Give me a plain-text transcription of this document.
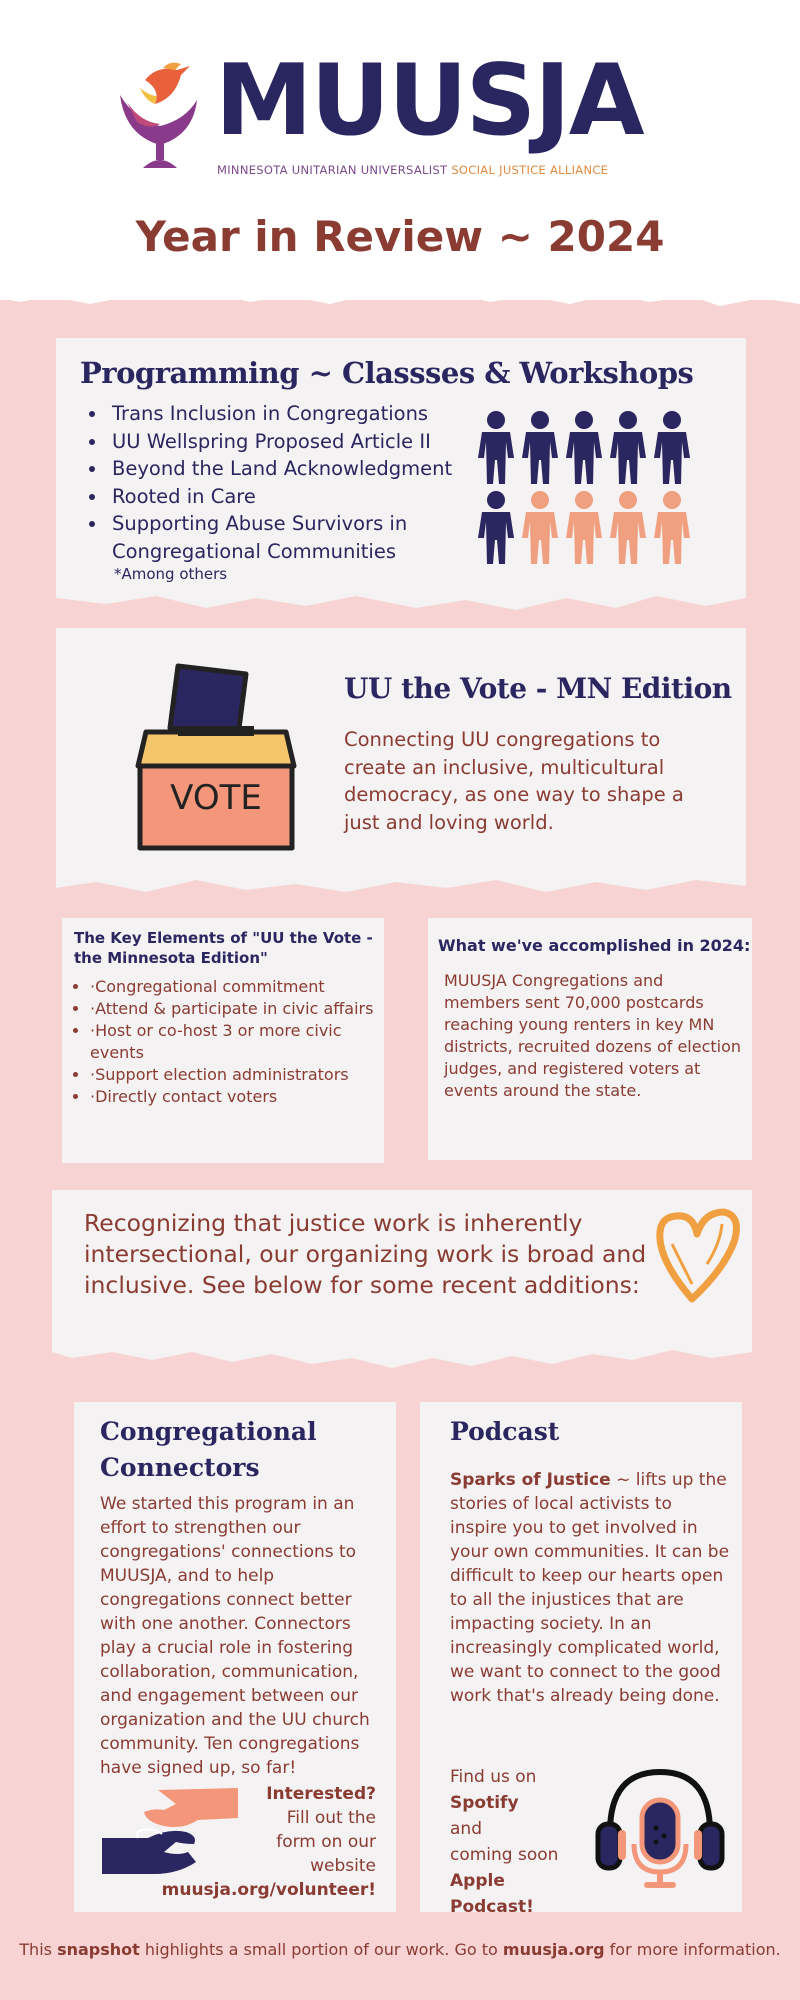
MUUSJA
MINNESOTA UNITARIAN UNIVERSALIST SOCIAL JUSTICE ALLIANCE
Year in Review ~ 2024
Programming ~ Classses & Workshops
• Trans Inclusion in Congregations
• UU Wellspring Proposed Article II
• Beyond the Land Acknowledgment
• Rooted in Care
• Supporting Abuse Survivors in Congregational Communities
*Among others
VOTE
UU the Vote - MN Edition

Connecting UU congregations to create an inclusive, multicultural democracy, as one way to shape a just and loving world.

The Key Elements of "UU the Vote - the Minnesota Edition"
• ·Congregational commitment
• ·Attend & participate in civic affairs
• ·Host or co-host 3 or more civic events
• ·Support election administrators
• ·Directly contact voters
What we've accomplished in 2024:

MUUSJA Congregations and members sent 70,000 postcards reaching young renters in key MN districts, recruited dozens of election judges, and registered voters at events around the state.

Recognizing that justice work is inherently intersectional, our organizing work is broad and inclusive. See below for some recent additions:

Congregational Connectors

We started this program in an effort to strengthen our congregations' connections to MUUSJA, and to help congregations connect better with one another. Connectors play a crucial role in fostering collaboration, communication, and engagement between our organization and the UU church community. Ten congregations have signed up, so far!

Interested?
Fill out the form on our website
muusja.org/volunteer!
Podcast

Sparks of Justice ~ lifts up the stories of local activists to inspire you to get involved in your own communities. It can be difficult to keep our hearts open to all the injustices that are impacting society. In an increasingly complicated world, we want to connect to the good work that's already being done.

Find us on
Spotify
and
coming soon
Apple Podcast!
This snapshot highlights a small portion of our work. Go to muusja.org for more information.
